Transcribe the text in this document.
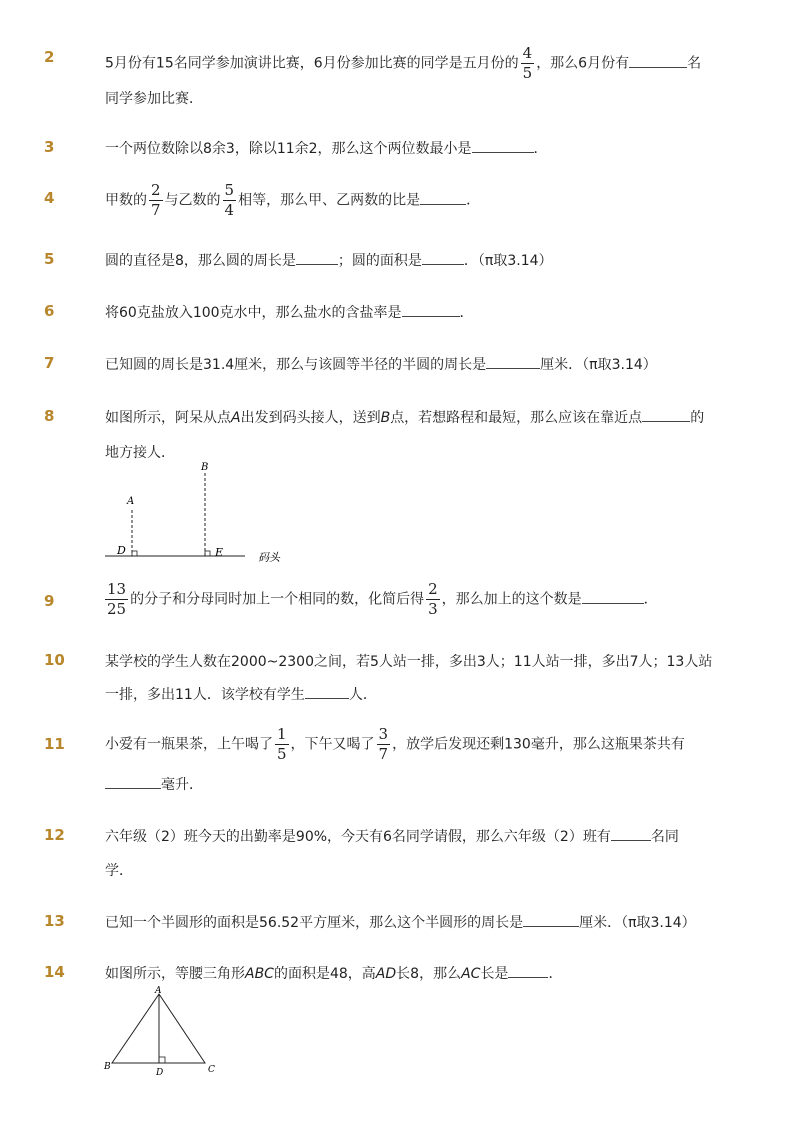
2	5月份有15名同学参加演讲比赛，6月份参加比赛的同学是五月份的 $\frac{4}{5}$ ，那么6月份有	名
同学参加比赛．
3	一个两位数除以8余3，除以11余2，那么这个两位数最小是	．
4	甲数的 $\frac{2}{7}$ 与乙数的 $\frac{5}{4}$ 相等，那么甲、乙两数的比是	．
5	圆的直径是8，那么圆的周长是	；圆的面积是	．（π取3.14）
6	将60克盐放入100克水中，那么盐水的含盐率是	．
7	已知圆的周长是31.4厘米，那么与该圆等半径的半圆的周长是	厘米．（π取3.14）
8	如图所示，阿呆从点A出发到码头接人，送到B点，若想路程和最短，那么应该在靠近点	的
地方接人．
A
B
D	E	码头
9	$\frac{13}{25}$ 的分子和分母同时加上一个相同的数，化简后得 $\frac{2}{3}$ ，那么加上的这个数是	．
10	某学校的学生人数在2000~2300之间，若5人站一排，多出3人；11人站一排，多出7人；13人站
一排，多出11人．该学校有学生	人．
11	小爱有一瓶果茶，上午喝了 $\frac{1}{5}$ ，下午又喝了 $\frac{3}{7}$ ，放学后发现还剩130毫升，那么这瓶果茶共有
毫升．
12	六年级（2）班今天的出勤率是90%，今天有6名同学请假，那么六年级（2）班有	名同
学．
13	已知一个半圆形的面积是56.52平方厘米，那么这个半圆形的周长是	厘米．（π取3.14）
14	如图所示，等腰三角形ABC的面积是48，高AD长8，那么AC长是	．
A
B	C
D
